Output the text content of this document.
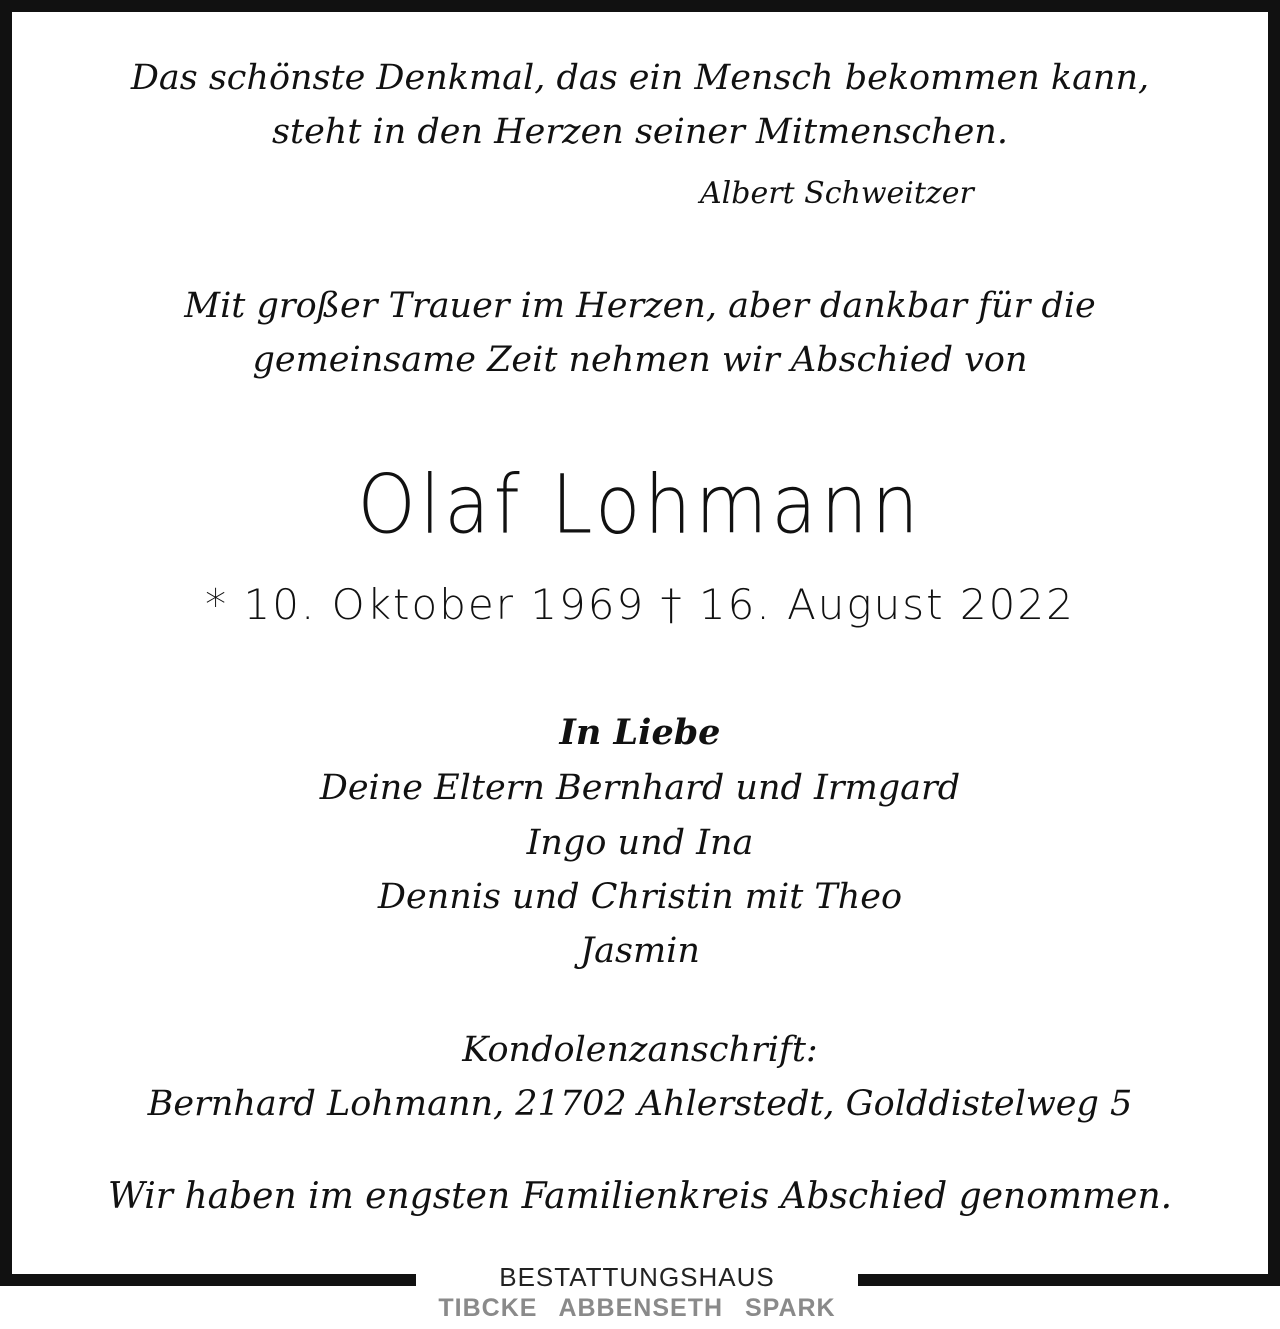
Das schönste Denkmal, das ein Mensch bekommen kann,
steht in den Herzen seiner Mitmenschen.
Albert Schweitzer
Mit großer Trauer im Herzen, aber dankbar für die
gemeinsame Zeit nehmen wir Abschied von
Olaf Lohmann
* 10. Oktober 1969 † 16. August 2022
In Liebe
Deine Eltern Bernhard und Irmgard
Ingo und Ina
Dennis und Christin mit Theo
Jasmin
Kondolenzanschrift:
Bernhard Lohmann, 21702 Ahlerstedt, Golddistelweg 5
Wir haben im engsten Familienkreis Abschied genommen.
BESTATTUNGSHAUS
TIBCKE ABBENSETH SPARK
